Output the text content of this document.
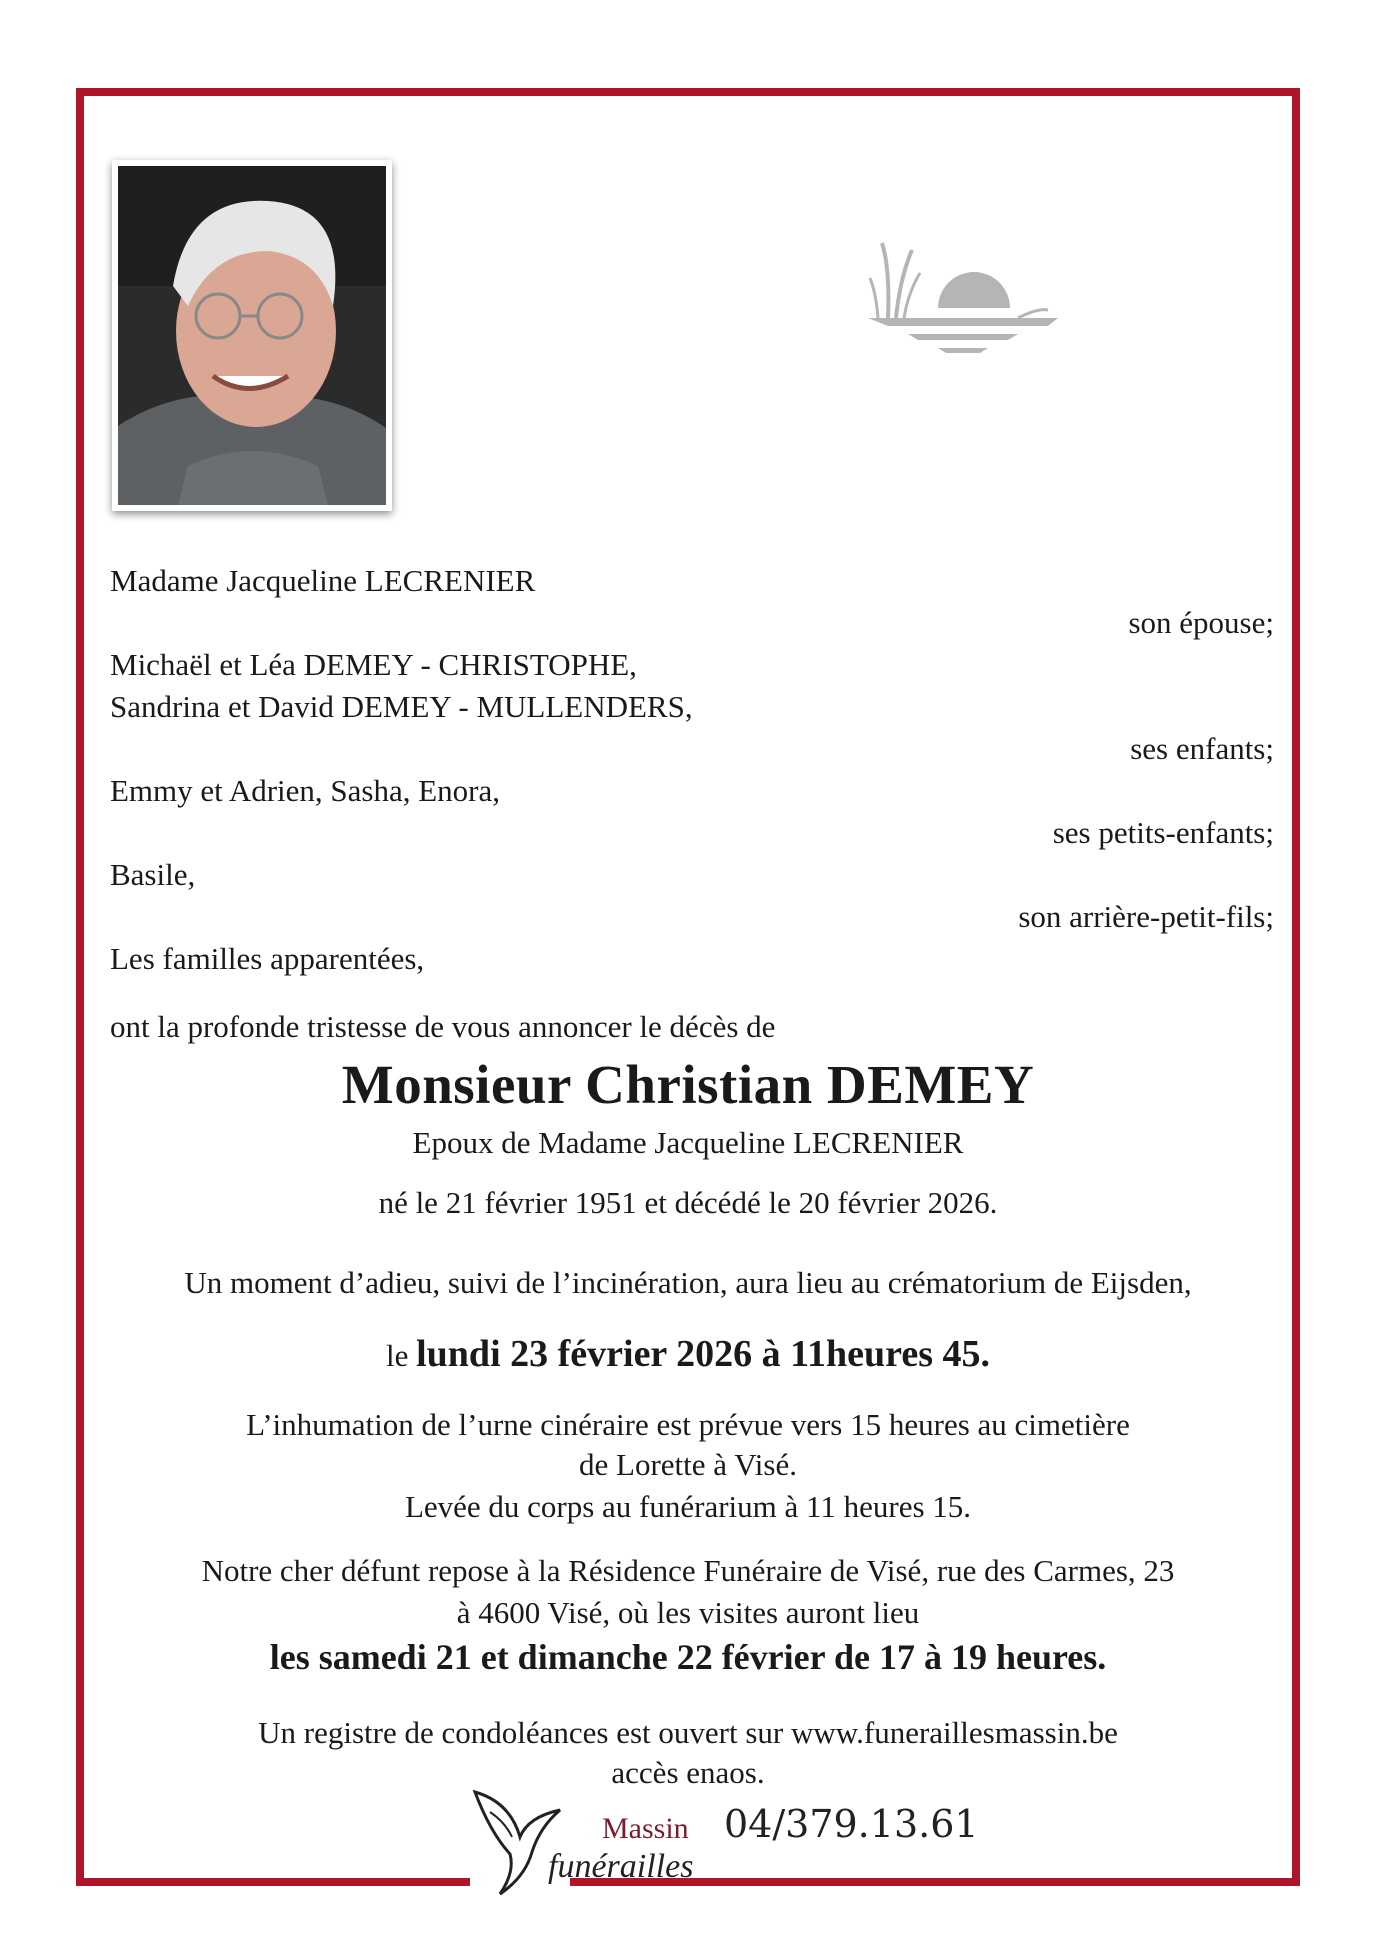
Madame Jacqueline LECRENIER
son épouse;
Michaël et Léa DEMEY - CHRISTOPHE,
Sandrina et David DEMEY - MULLENDERS,
ses enfants;
Emmy et Adrien, Sasha, Enora,
ses petits-enfants;
Basile,
son arrière-petit-fils;
Les familles apparentées,
ont la profonde tristesse de vous annoncer le décès de
Monsieur Christian DEMEY
Epoux de Madame Jacqueline LECRENIER
né le 21 février 1951 et décédé le 20 février 2026.
Un moment d’adieu, suivi de l’incinération, aura lieu au crématorium de Eijsden,
le lundi 23 février 2026 à 11heures 45.
L’inhumation de l’urne cinéraire est prévue vers 15 heures au cimetière
de Lorette à Visé.
Levée du corps au funérarium à 11 heures 15.
Notre cher défunt repose à la Résidence Funéraire de Visé, rue des Carmes, 23
à 4600 Visé, où les visites auront lieu
les samedi 21 et dimanche 22 février de 17 à 19 heures.
Un registre de condoléances est ouvert sur www.funeraillesmassin.be
accès enaos.
Massin
funérailles
04/379.13.61
